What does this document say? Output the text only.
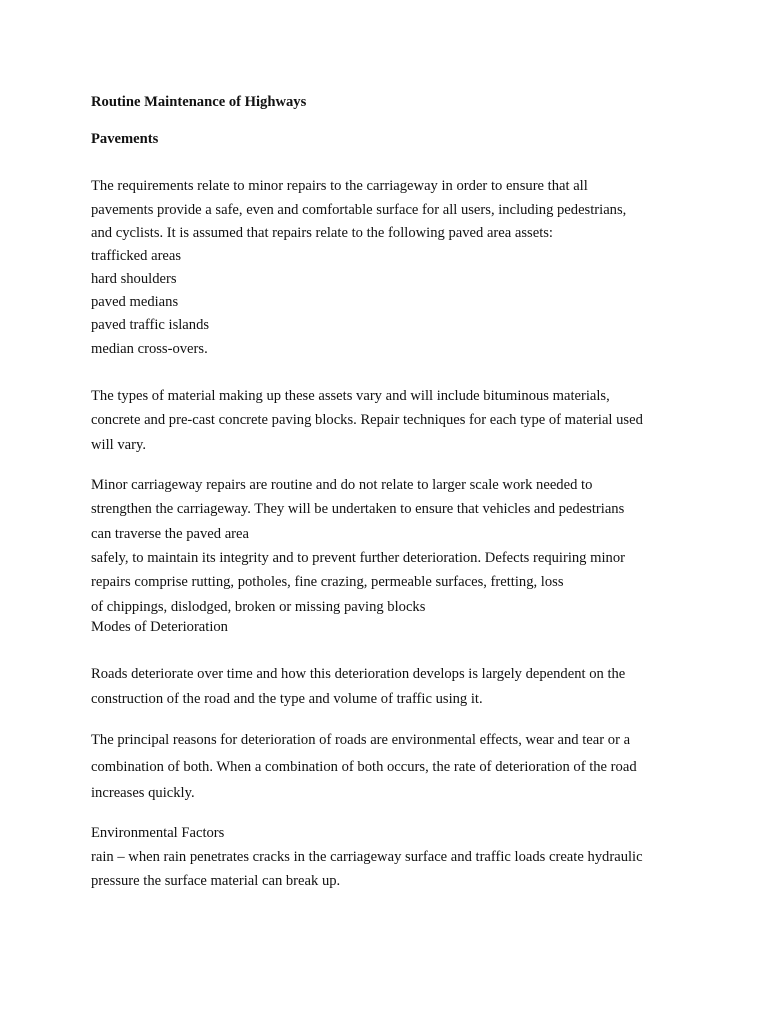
Routine Maintenance of Highways

Pavements

The requirements relate to minor repairs to the carriageway in order to ensure that all

pavements provide a safe, even and comfortable surface for all users, including pedestrians,

and cyclists. It is assumed that repairs relate to the following paved area assets:

trafficked areas

hard shoulders

paved medians

paved traffic islands

median cross-overs.

The types of material making up these assets vary and will include bituminous materials,

concrete and pre-cast concrete paving blocks. Repair techniques for each type of material used

will vary.

Minor carriageway repairs are routine and do not relate to larger scale work needed to

strengthen the carriageway. They will be undertaken to ensure that vehicles and pedestrians

can traverse the paved area

safely, to maintain its integrity and to prevent further deterioration. Defects requiring minor

repairs comprise rutting, potholes, fine crazing, permeable surfaces, fretting, loss

of chippings, dislodged, broken or missing paving blocks

Modes of Deterioration

Roads deteriorate over time and how this deterioration develops is largely dependent on the

construction of the road and the type and volume of traffic using it.

The principal reasons for deterioration of roads are environmental effects, wear and tear or a

combination of both. When a combination of both occurs, the rate of deterioration of the road

increases quickly.

Environmental Factors

rain – when rain penetrates cracks in the carriageway surface and traffic loads create hydraulic

pressure the surface material can break up.
